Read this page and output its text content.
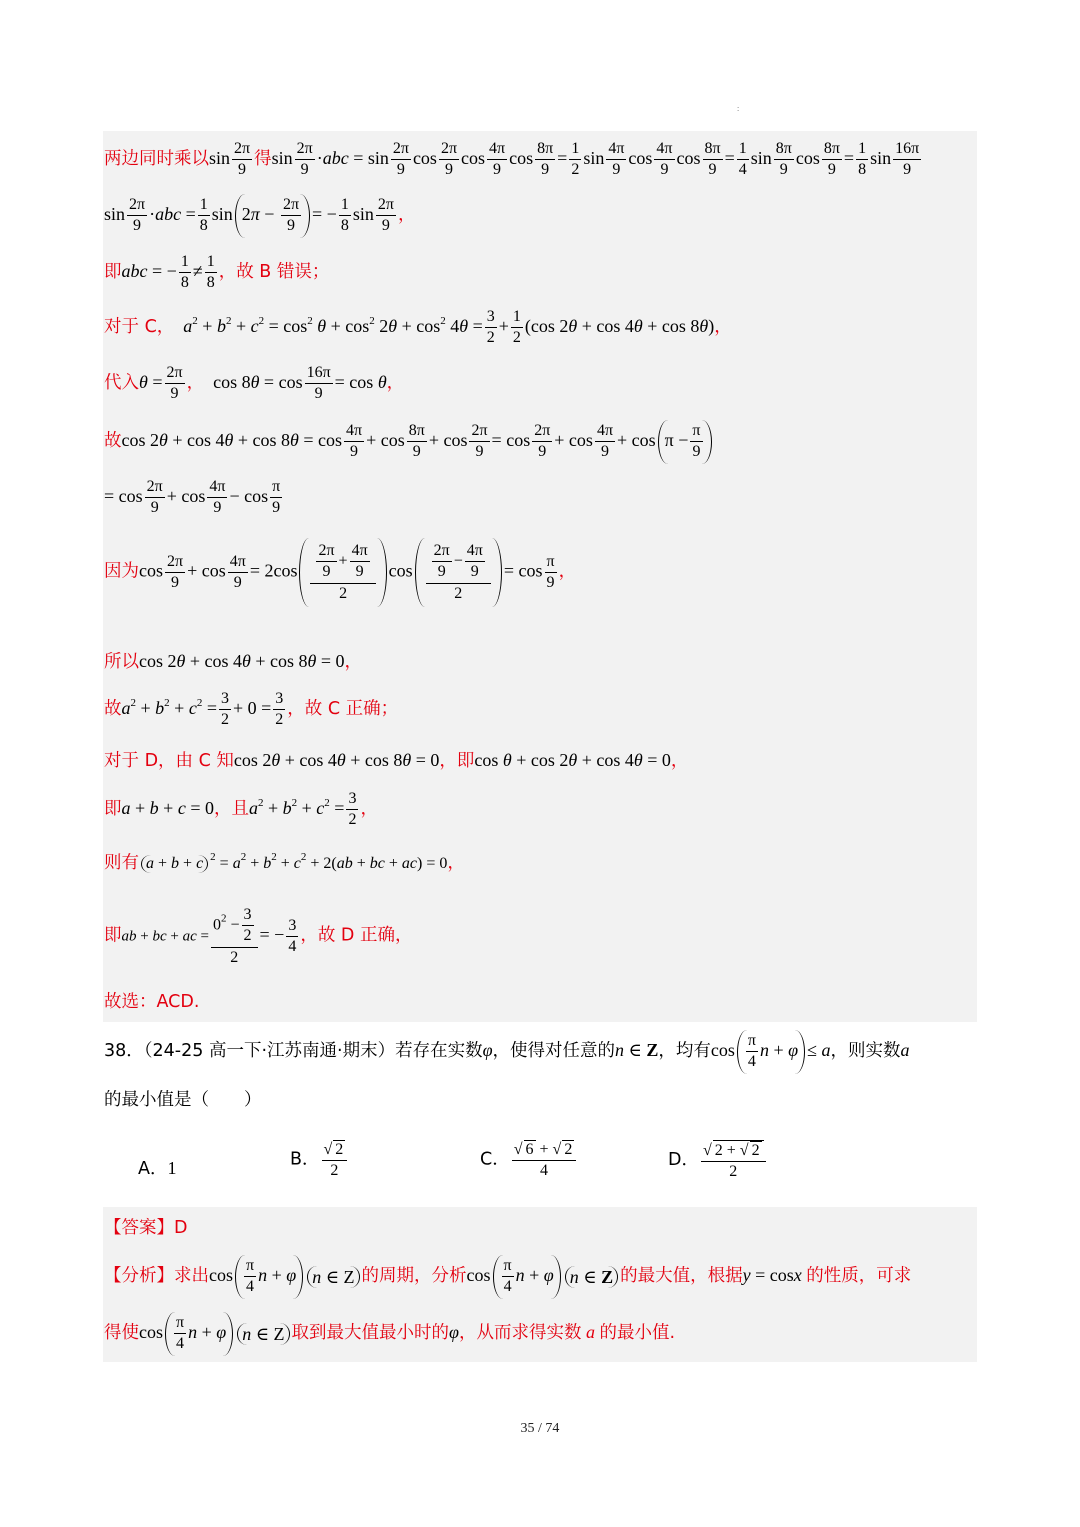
:
两边同时乘以$\sin \frac{2\pi}{9}$ 得$\sin \frac{2\pi}{9} \cdot abc = \sin \frac{2\pi}{9}$ $\cos \frac{2\pi}{9}$ $\cos \frac{4\pi}{9}$ $\cos \frac{8\pi}{9} = \frac{1}{2}$ $\sin \frac{4\pi}{9}$ $\cos \frac{4\pi}{9}$ $\cos \frac{8\pi}{9} = \frac{1}{4}$ $\sin \frac{8\pi}{9}$ $\cos \frac{8\pi}{9} = \frac{1}{8}$ $\sin \frac{16\pi}{9}$
$\sin \frac{2\pi}{9} \cdot abc = \frac{1}{8}$ $\sin 2\pi - \frac{2\pi}{9}$ = − $\frac{1}{8}$ $\sin \frac{2\pi}{9}$ ，
即abc = − $\frac{1}{8} \ne \frac{1}{8}$ ，故 B 错误；
对于 C， $a^2 + b^2 + c^2 = \cos^2 \theta + \cos^2 2\theta + \cos^2 4\theta = \frac{3}{2} + \frac{1}{2} (\cos$ 2θ + cos 4θ + cos 8θ)，
代入$\theta = \frac{2\pi}{9}$ ，  $\cos 8\theta = \cos \frac{16\pi}{9} = \cos \theta$，
故$\cos 2\theta + \cos 4\theta + \cos 8\theta = \cos \frac{4\pi}{9} + \cos \frac{8\pi}{9} + \cos \frac{2\pi}{9} = \cos \frac{2\pi}{9} + \cos \frac{4\pi}{9} + \cos \pi - \frac{\pi}{9}$
= $\cos \frac{2\pi}{9} + \cos \frac{4\pi}{9} - \cos \frac{\pi}{9}$
因为$\cos \frac{2\pi}{9} + \cos \frac{4\pi}{9} = 2\cos \frac{\frac{2\pi}{9} + \frac{4\pi}{9}}{2}$ $\cos \frac{\frac{2\pi}{9} - \frac{4\pi}{9}}{2} = \cos \frac{\pi}{9}$ ，
所以cos 2θ + cos 4θ + cos 8θ = 0，
故$a^2 + b^2 + c^2 = \frac{3}{2} + 0 = \frac{3}{2}$ ，故 C 正确；
对于 D，由 C 知cos 2θ + cos 4θ + cos 8θ = 0，即cos θ + cos 2θ + cos 4θ = 0，
即a + b + c = 0，且$a^2 + b^2 + c^2 = \frac{3}{2}$ ，
则有 a + b + c $^2 = a^2 + b^2 + c^2 + 2(ab$ + bc + ac) = 0，
即ab + bc + ac = $\frac{0^2 - \frac{3}{2}}{2}$ = − $\frac{3}{4}$ ，故 D 正确，
故选：ACD.
38．（24-25 高一下·江苏南通·期末）若存在实数φ，使得对任意的n ∈ Z，均有$\cos \frac{\pi}{4}$ n + φ ≤ a，则实数a
的最小值是（　　）
A．1	B． $\frac{√ 2}{2}$	C． $\frac{√ 6 + √ 2}{4}$	D． $\frac{√ 2 + √ 2}{2}$
【答案】D
【分析】求出$\cos \frac{\pi}{4}$ n + φ n ∈ Z 的周期，分析$\cos \frac{\pi}{4}$ n + φ n ∈ Z 的最大值，根据y = cosx 的性质，可求
得使$\cos \frac{\pi}{4}$ n + φ n ∈ Z 取到最大值最小时的φ，从而求得实数 a 的最小值.
35 / 74
